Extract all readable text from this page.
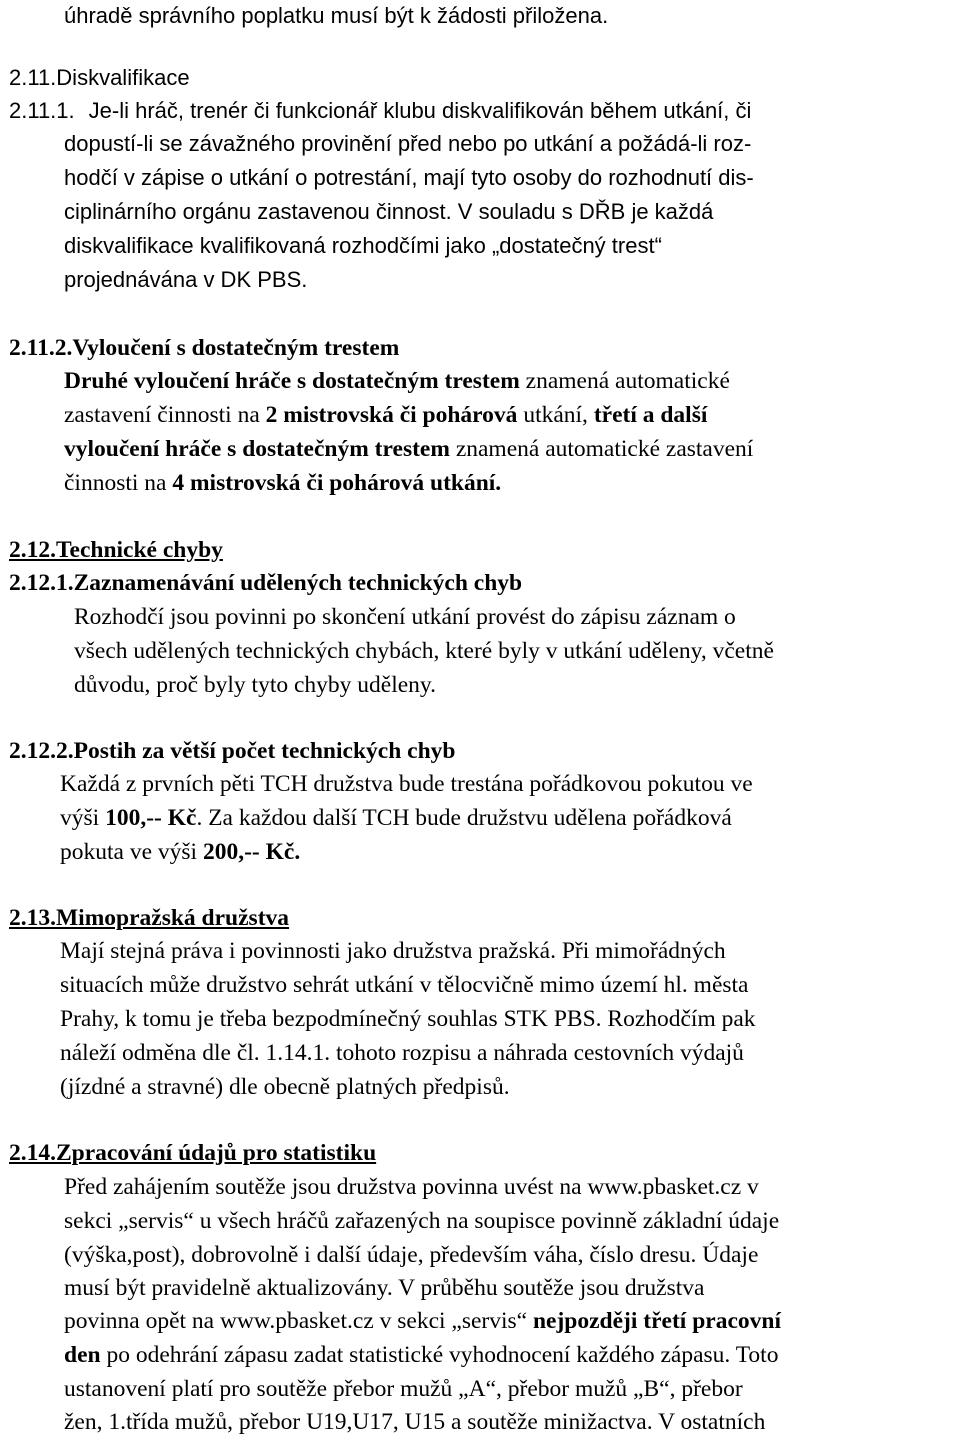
úhradě správního poplatku musí být k žádosti přiložena.

2.11.Diskvalifikace

2.11.1. Je-li hráč, trenér či funkcionář klubu diskvalifikován během utkání, či

dopustí-li se závažného provinění před nebo po utkání a požádá-li roz-

hodčí v zápise o utkání o potrestání, mají tyto osoby do rozhodnutí dis-

ciplinárního orgánu zastavenou činnost. V souladu s DŘB je každá

diskvalifikace kvalifikovaná rozhodčími jako „dostatečný trest“

projednávána v DK PBS.

2.11.2.Vyloučení s dostatečným trestem

Druhé vyloučení hráče s dostatečným trestem znamená automatické

zastavení činnosti na 2 mistrovská či pohárová utkání, třetí a další

vyloučení hráče s dostatečným trestem znamená automatické zastavení

činnosti na 4 mistrovská či pohárová utkání.

2.12.Technické chyby

2.12.1.Zaznamenávání udělených technických chyb

Rozhodčí jsou povinni po skončení utkání provést do zápisu záznam o

všech udělených technických chybách, které byly v utkání uděleny, včetně

důvodu, proč byly tyto chyby uděleny.

2.12.2.Postih za větší počet technických chyb

Každá z prvních pěti TCH družstva bude trestána pořádkovou pokutou ve

výši 100,-- Kč. Za každou další TCH bude družstvu udělena pořádková

pokuta ve výši 200,-- Kč.

2.13.Mimopražská družstva

Mají stejná práva i povinnosti jako družstva pražská. Při mimořádných

situacích může družstvo sehrát utkání v tělocvičně mimo území hl. města

Prahy, k tomu je třeba bezpodmínečný souhlas STK PBS. Rozhodčím pak

náleží odměna dle čl. 1.14.1. tohoto rozpisu a náhrada cestovních výdajů

(jízdné a stravné) dle obecně platných předpisů.

2.14.Zpracování údajů pro statistiku

Před zahájením soutěže jsou družstva povinna uvést na www.pbasket.cz v

sekci „servis“ u všech hráčů zařazených na soupisce povinně základní údaje

(výška,post), dobrovolně i další údaje, především váha, číslo dresu. Údaje

musí být pravidelně aktualizovány. V průběhu soutěže jsou družstva

povinna opět na www.pbasket.cz v sekci „servis“ nejpozději třetí pracovní

den po odehrání zápasu zadat statistické vyhodnocení každého zápasu. Toto

ustanovení platí pro soutěže přebor mužů „A“, přebor mužů „B“, přebor

žen, 1.třída mužů, přebor U19,U17, U15 a soutěže minižactva. V ostatních
